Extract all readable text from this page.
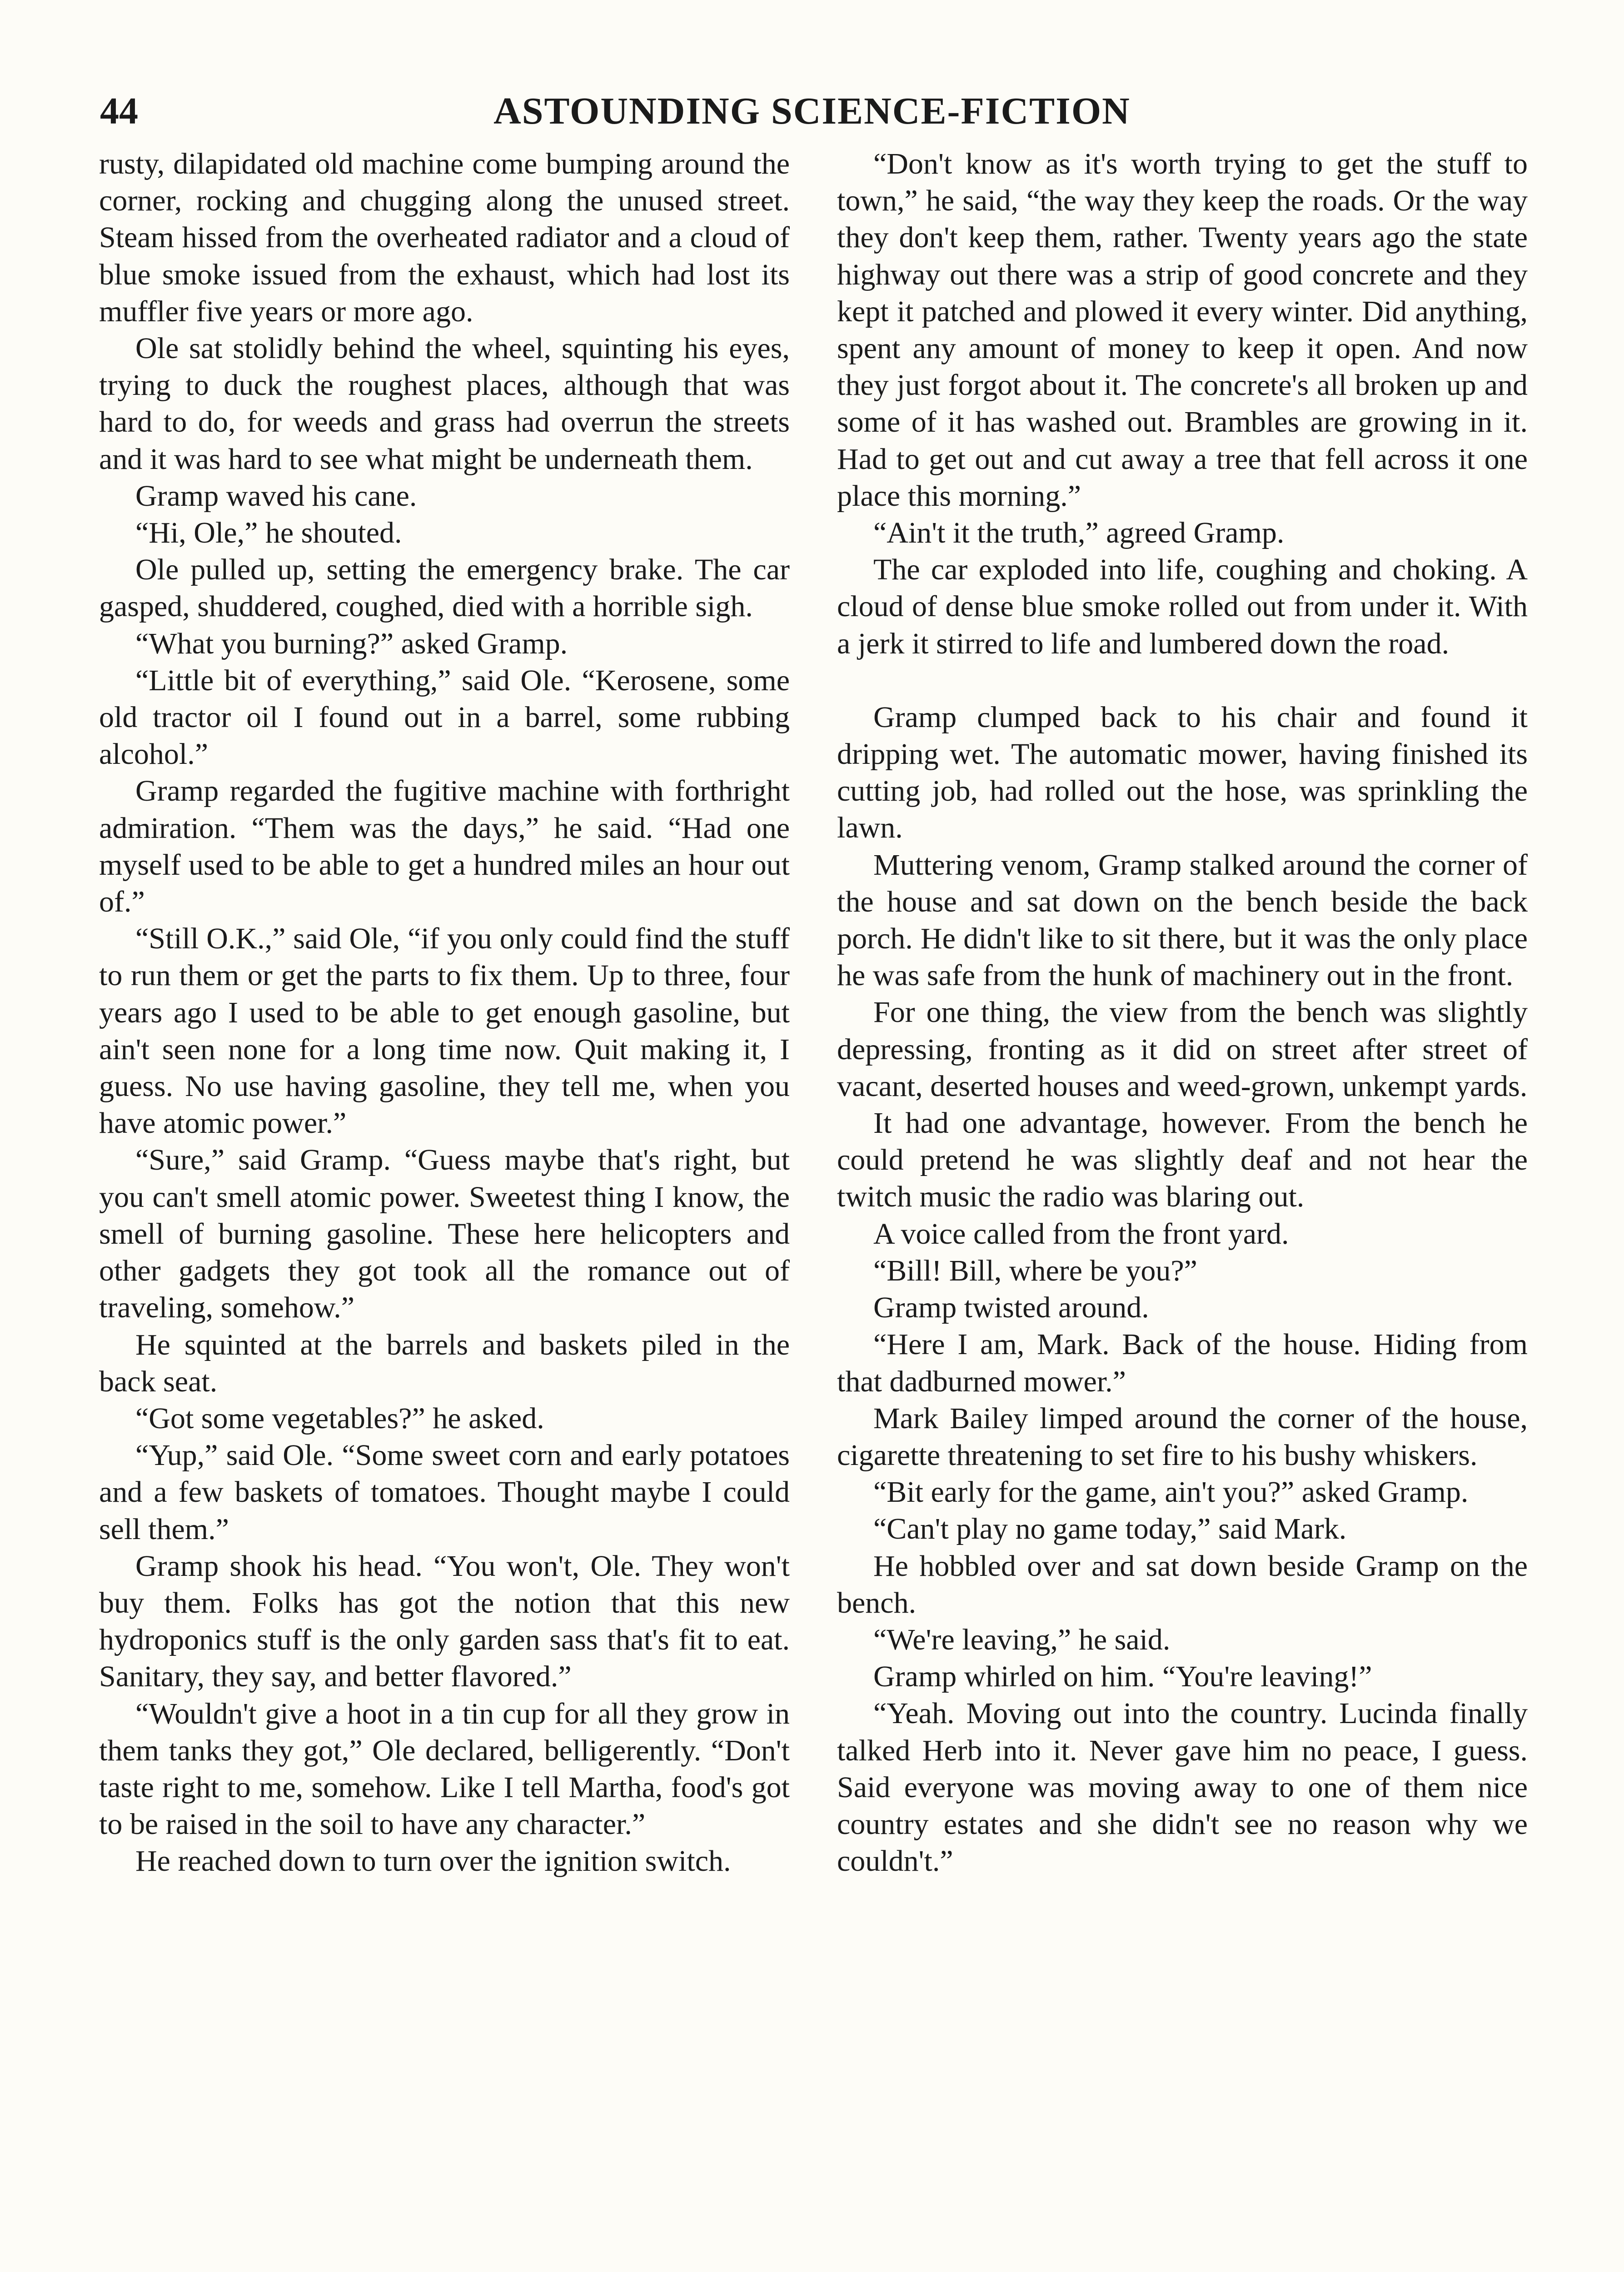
44	ASTOUNDING SCIENCE-FICTION

rusty, dilapidated old machine come bumping around the corner, rocking and chugging along the unused street. Steam hissed from the overheated radiator and a cloud of blue smoke issued from the exhaust, which had lost its muffler five years or more ago.

Ole sat stolidly behind the wheel, squinting his eyes, trying to duck the roughest places, although that was hard to do, for weeds and grass had overrun the streets and it was hard to see what might be underneath them.

Gramp waved his cane.

“Hi, Ole,” he shouted.

Ole pulled up, setting the emergency brake. The car gasped, shuddered, coughed, died with a horrible sigh.

“What you burning?” asked Gramp.

“Little bit of everything,” said Ole. “Kerosene, some old tractor oil I found out in a barrel, some rubbing alcohol.”

Gramp regarded the fugitive machine with forthright admiration. “Them was the days,” he said. “Had one myself used to be able to get a hundred miles an hour out of.”

“Still O.K.,” said Ole, “if you only could find the stuff to run them or get the parts to fix them. Up to three, four years ago I used to be able to get enough gasoline, but ain't seen none for a long time now. Quit making it, I guess. No use having gasoline, they tell me, when you have atomic power.”

“Sure,” said Gramp. “Guess maybe that's right, but you can't smell atomic power. Sweetest thing I know, the smell of burning gasoline. These here helicopters and other gadgets they got took all the romance out of traveling, somehow.”

He squinted at the barrels and baskets piled in the back seat.

“Got some vegetables?” he asked.

“Yup,” said Ole. “Some sweet corn and early potatoes and a few baskets of tomatoes. Thought maybe I could sell them.”

Gramp shook his head. “You won't, Ole. They won't buy them. Folks has got the notion that this new hydroponics stuff is the only garden sass that's fit to eat. Sanitary, they say, and better flavored.”

“Wouldn't give a hoot in a tin cup for all they grow in them tanks they got,” Ole declared, belligerently. “Don't taste right to me, somehow. Like I tell Martha, food's got to be raised in the soil to have any character.”

He reached down to turn over the ignition switch.

“Don't know as it's worth trying to get the stuff to town,” he said, “the way they keep the roads. Or the way they don't keep them, rather. Twenty years ago the state highway out there was a strip of good concrete and they kept it patched and plowed it every winter. Did anything, spent any amount of money to keep it open. And now they just forgot about it. The concrete's all broken up and some of it has washed out. Brambles are growing in it. Had to get out and cut away a tree that fell across it one place this morning.”

“Ain't it the truth,” agreed Gramp.

The car exploded into life, coughing and choking. A cloud of dense blue smoke rolled out from under it. With a jerk it stirred to life and lumbered down the road.

Gramp clumped back to his chair and found it dripping wet. The automatic mower, having finished its cutting job, had rolled out the hose, was sprinkling the lawn.

Muttering venom, Gramp stalked around the corner of the house and sat down on the bench beside the back porch. He didn't like to sit there, but it was the only place he was safe from the hunk of machinery out in the front.

For one thing, the view from the bench was slightly depressing, fronting as it did on street after street of vacant, deserted houses and weed-grown, unkempt yards.

It had one advantage, however. From the bench he could pretend he was slightly deaf and not hear the twitch music the radio was blaring out.

A voice called from the front yard.

“Bill! Bill, where be you?”

Gramp twisted around.

“Here I am, Mark. Back of the house. Hiding from that dadburned mower.”

Mark Bailey limped around the corner of the house, cigarette threatening to set fire to his bushy whiskers.

“Bit early for the game, ain't you?” asked Gramp.

“Can't play no game today,” said Mark.

He hobbled over and sat down beside Gramp on the bench.

“We're leaving,” he said.

Gramp whirled on him. “You're leaving!”

“Yeah. Moving out into the country. Lucinda finally talked Herb into it. Never gave him no peace, I guess. Said everyone was moving away to one of them nice country estates and she didn't see no reason why we couldn't.”
